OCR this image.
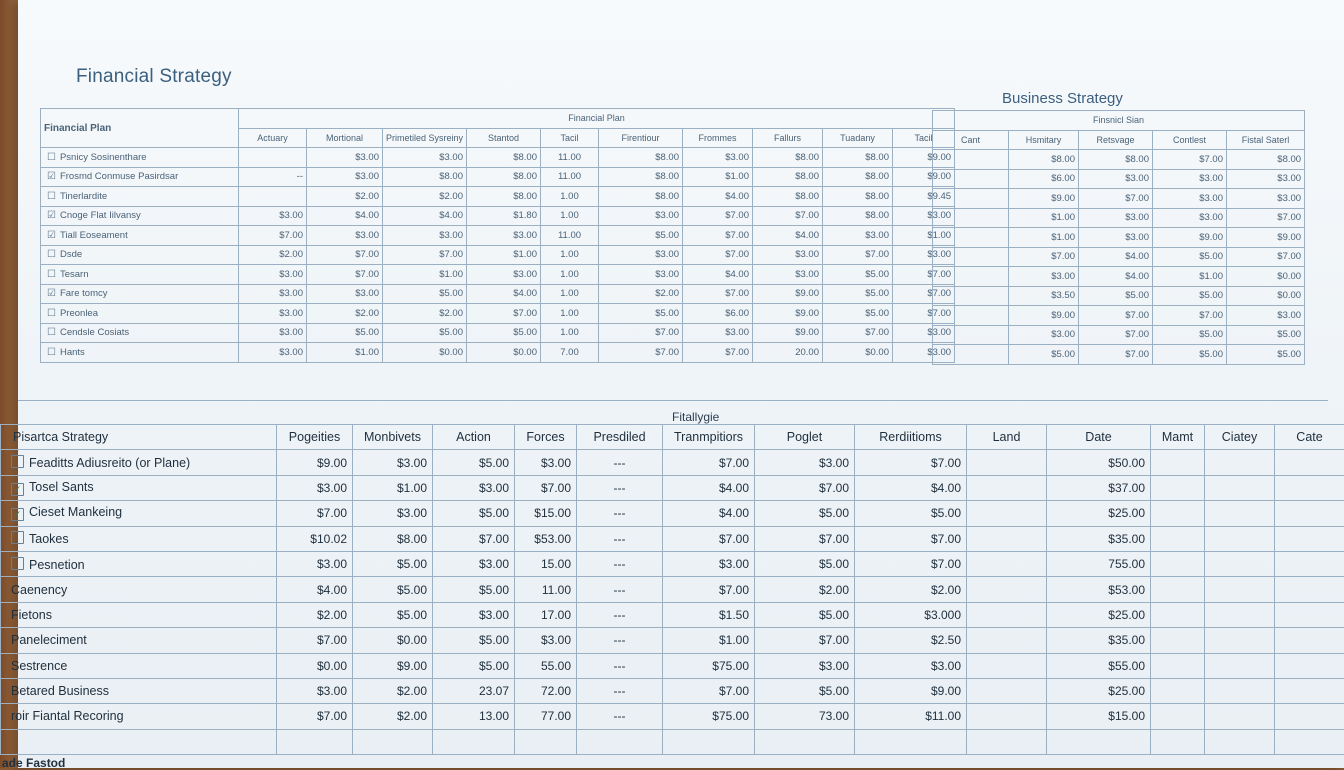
Financial Strategy
Business Strategy
Financial Plan	Financial Plan									
	Actuary	Mortional	Primetiled Sysreiny	Stantod	Tacil	Firentiour	Frommes	Fallurs	Tuadany	Tacil
☐ Psnicy Sosinenthare		$3.00	$3.00	$8.00	11.00	$8.00	$3.00	$8.00	$8.00	$9.00
☑ Frosmd Conmuse Pasirdsar	--	$3.00	$8.00	$8.00	11.00	$8.00	$1.00	$8.00	$8.00	$9.00
☐ Tinerlardite		$2.00	$2.00	$8.00	1.00	$8.00	$4.00	$8.00	$8.00	$9.45
☑ Cnoge Flat Iilvansy	$3.00	$4.00	$4.00	$1.80	1.00	$3.00	$7.00	$7.00	$8.00	$3.00
☑ Tiall Eoseament	$7.00	$3.00	$3.00	$3.00	11.00	$5.00	$7.00	$4.00	$3.00	$1.00
☐ Dsde	$2.00	$7.00	$7.00	$1.00	1.00	$3.00	$7.00	$3.00	$7.00	$3.00
☐ Tesarn	$3.00	$7.00	$1.00	$3.00	1.00	$3.00	$4.00	$3.00	$5.00	$7.00
☑ Fare tomcy	$3.00	$3.00	$5.00	$4.00	1.00	$2.00	$7.00	$9.00	$5.00	$7.00
☐ Preonlea	$3.00	$2.00	$2.00	$7.00	1.00	$5.00	$6.00	$9.00	$5.00	$7.00
☐ Cendsle Cosiats	$3.00	$5.00	$5.00	$5.00	1.00	$7.00	$3.00	$9.00	$7.00	$3.00
☐ Hants	$3.00	$1.00	$0.00	$0.00	7.00	$7.00	$7.00	20.00	$0.00	$3.00
Finsnicl Sian				
Cant	Hsmitary	Retsvage	Contlest	Fistal Saterl
	$8.00	$8.00	$7.00	$8.00
	$6.00	$3.00	$3.00	$3.00
	$9.00	$7.00	$3.00	$3.00
	$1.00	$3.00	$3.00	$7.00
	$1.00	$3.00	$9.00	$9.00
	$7.00	$4.00	$5.00	$7.00
	$3.00	$4.00	$1.00	$0.00
	$3.50	$5.00	$5.00	$0.00
	$9.00	$7.00	$7.00	$3.00
	$3.00	$7.00	$5.00	$5.00
	$5.00	$7.00	$5.00	$5.00
Fitallygie
Pisartca Strategy	Pogeities	Monbivets	Action	Forces	Presdiled	Tranmpitiors	Poglet	Rerdiitioms	Land	Date	Mamt	Ciatey	Cate	
Feaditts Adiusreito (or Plane)	$9.00	$3.00	$5.00	$3.00	---	$7.00	$3.00	$7.00		$50.00				
✓Tosel Sants	$3.00	$1.00	$3.00	$7.00	---	$4.00	$7.00	$4.00		$37.00				
✓Cieset Mankeing	$7.00	$3.00	$5.00	$15.00	---	$4.00	$5.00	$5.00		$25.00				
Taokes	$10.02	$8.00	$7.00	$53.00	---	$7.00	$7.00	$7.00		$35.00				
Pesnetion	$3.00	$5.00	$3.00	15.00	---	$3.00	$5.00	$7.00		755.00				
Caenency	$4.00	$5.00	$5.00	11.00	---	$7.00	$2.00	$2.00		$53.00				
Fietons	$2.00	$5.00	$3.00	17.00	---	$1.50	$5.00	$3.000		$25.00				
Paneleciment	$7.00	$0.00	$5.00	$3.00	---	$1.00	$7.00	$2.50		$35.00				
Sestrence	$0.00	$9.00	$5.00	55.00	---	$75.00	$3.00	$3.00		$55.00				
Betared Business	$3.00	$2.00	23.07	72.00	---	$7.00	$5.00	$9.00		$25.00				
roir Fiantal Recoring	$7.00	$2.00	13.00	77.00	---	$75.00	73.00	$11.00		$15.00				

ade Fastod
